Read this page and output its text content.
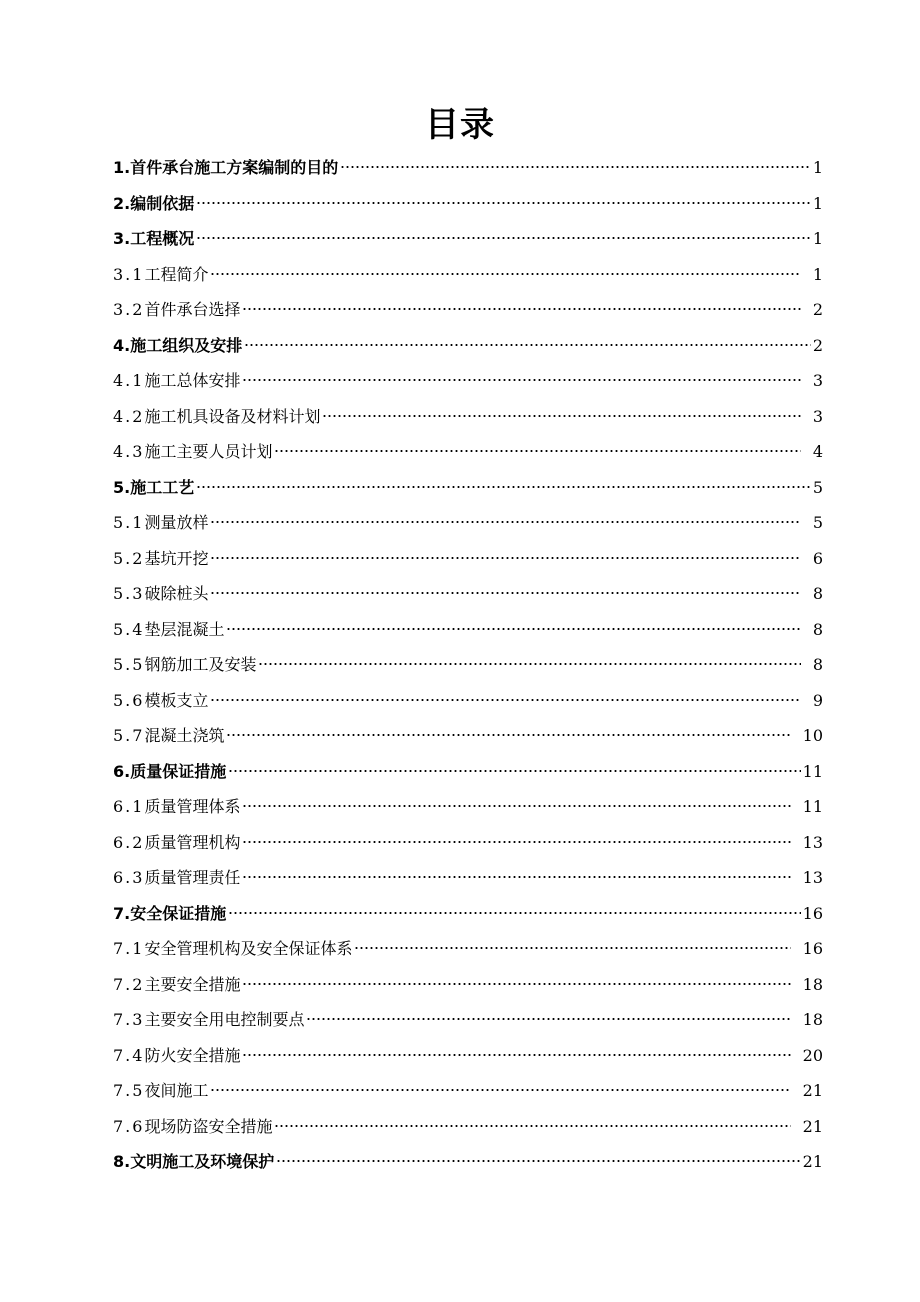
目录
1. 首件承台施工方案编制的目的	1
2. 编制依据	1
3. 工程概况	1
3.1 工程简介	1
3.2 首件承台选择	2
4. 施工组织及安排	2
4.1 施工总体安排	3
4.2 施工机具设备及材料计划	3
4.3 施工主要人员计划	4
5. 施工工艺	5
5.1 测量放样	5
5.2 基坑开挖	6
5.3 破除桩头	8
5.4 垫层混凝土	8
5.5 钢筋加工及安装	8
5.6 模板支立	9
5.7 混凝土浇筑	10
6. 质量保证措施	11
6.1 质量管理体系	11
6.2 质量管理机构	13
6.3 质量管理责任	13
7. 安全保证措施	16
7.1 安全管理机构及安全保证体系	16
7.2 主要安全措施	18
7.3 主要安全用电控制要点	18
7.4 防火安全措施	20
7.5 夜间施工	21
7.6 现场防盗安全措施	21
8. 文明施工及环境保护	21
